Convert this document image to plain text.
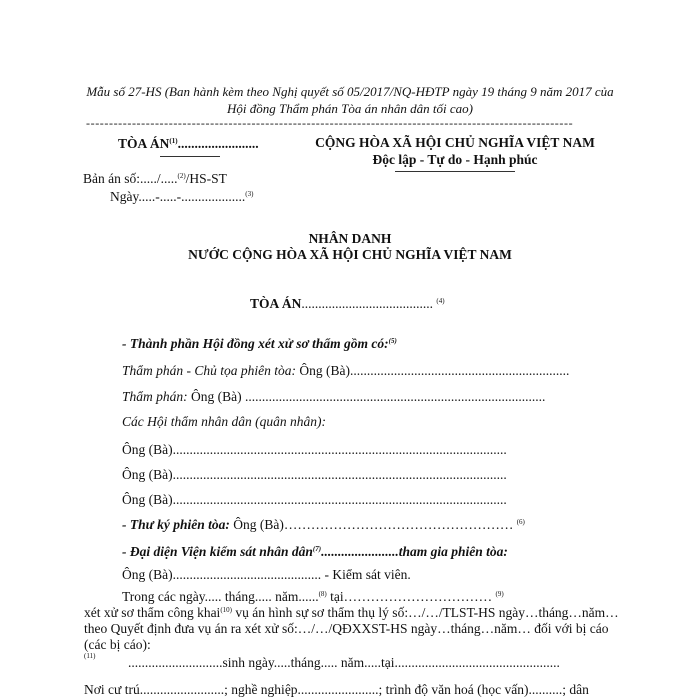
Mẫu số 27-HS (Ban hành kèm theo Nghị quyết số 05/2017/NQ-HĐTP ngày 19 tháng 9 năm 2017 của
Hội đồng Thẩm phán Tòa án nhân dân tối cao)
----------------------------------------------------------------------------------------------------------
TÒA ÁN$^{(1)}$........................
Bản án số:...../.....$^{(2)}$/HS-ST
Ngày.....-.....-...................$^{(3)}$
CỘNG HÒA XÃ HỘI CHỦ NGHĨA VIỆT NAM
Độc lập - Tự do - Hạnh phúc
NHÂN DANH
NƯỚC CỘNG HÒA XÃ HỘI CHỦ NGHĨA VIỆT NAM
TÒA ÁN....................................... $^{(4)}$
- Thành phần Hội đồng xét xử sơ thẩm gồm có:$^{(5)}$
Thẩm phán - Chủ tọa phiên tòa: Ông (Bà).................................................................
Thẩm phán: Ông (Bà) .........................................................................................
Các Hội thẩm nhân dân (quân nhân):
Ông (Bà)...................................................................................................
Ông (Bà)...................................................................................................
Ông (Bà)...................................................................................................
- Thư ký phiên tòa: Ông (Bà)…………………………………………… $^{(6)}$
- Đại diện Viện kiểm sát nhân dân$^{(7)}$.......................tham gia phiên tòa:
Ông (Bà)............................................ - Kiểm sát viên.
Trong các ngày..... tháng..... năm......$^{(8)}$ tại…………………………… $^{(9)}$
xét xử sơ thẩm công khai$^{(10)}$ vụ án hình sự sơ thẩm thụ lý số:…/…/TLST-HS ngày…tháng…năm…
theo Quyết định đưa vụ án ra xét xử số:…/…/QĐXXST-HS ngày…tháng…năm… đối với bị cáo
(các bị cáo):
$^{(11)}$ ............................sinh ngày.....tháng..... năm.....tại.................................................
Nơi cư trú.........................; nghề nghiệp........................; trình độ văn hoá (học vấn)..........; dân
